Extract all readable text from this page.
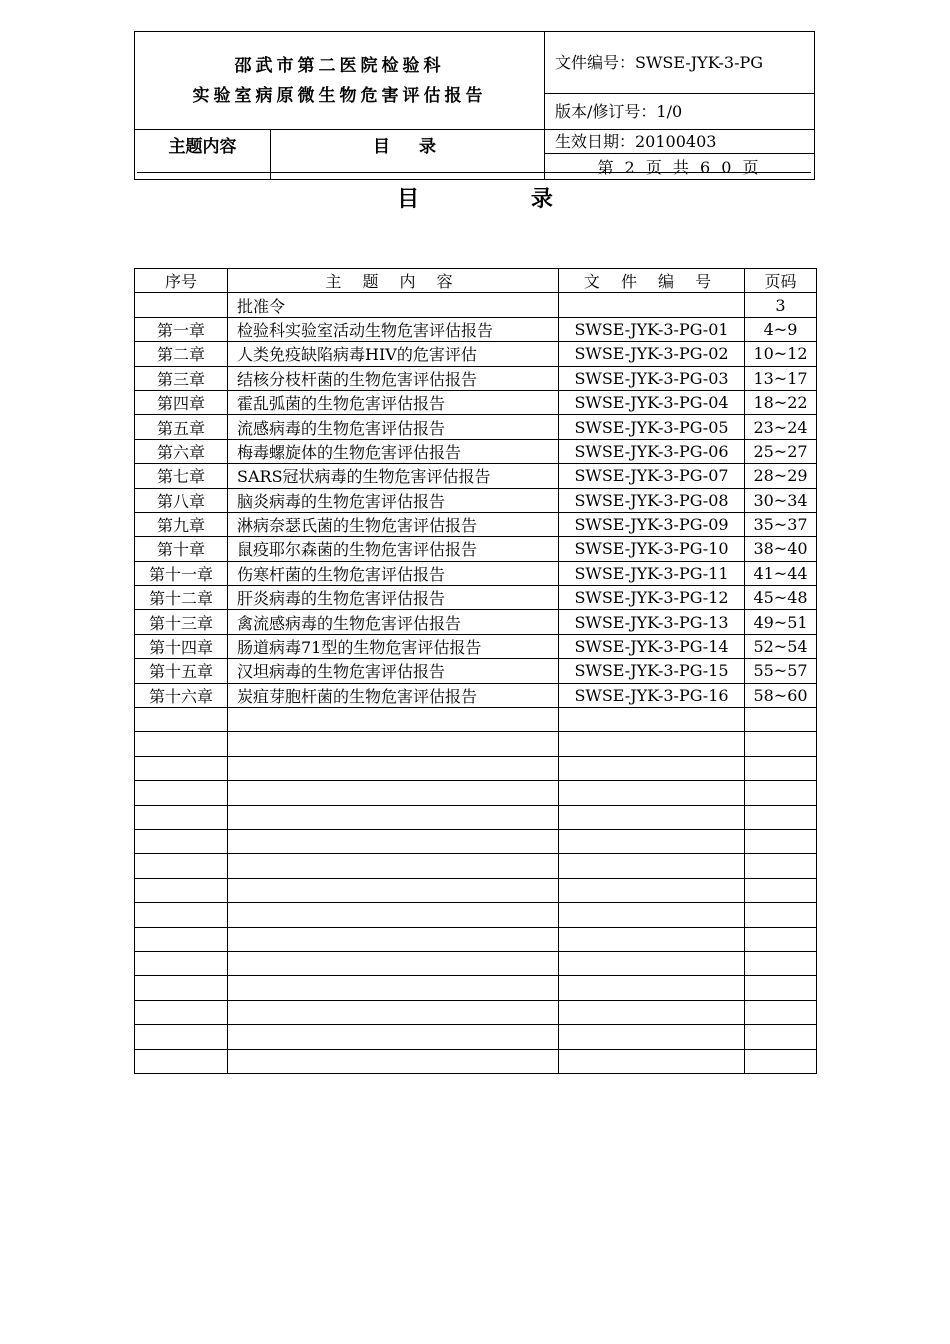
邵武市第二医院检验科
实验室病原微生物危害评估报告		文件编号：SWSE-JYK-3-PG
		版本/修订号：1/0
主题内容	目　录	生效日期：20100403
		第 2 页 共 6 0 页
目 录
序号	主 题 内 容	文 件 编 号	页码
	批准令		3
第一章	检验科实验室活动生物危害评估报告	SWSE-JYK-3-PG-01	4~9
第二章	人类免疫缺陷病毒HIV的危害评估	SWSE-JYK-3-PG-02	10~12
第三章	结核分枝杆菌的生物危害评估报告	SWSE-JYK-3-PG-03	13~17
第四章	霍乱弧菌的生物危害评估报告	SWSE-JYK-3-PG-04	18~22
第五章	流感病毒的生物危害评估报告	SWSE-JYK-3-PG-05	23~24
第六章	梅毒螺旋体的生物危害评估报告	SWSE-JYK-3-PG-06	25~27
第七章	SARS冠状病毒的生物危害评估报告	SWSE-JYK-3-PG-07	28~29
第八章	脑炎病毒的生物危害评估报告	SWSE-JYK-3-PG-08	30~34
第九章	淋病奈瑟氏菌的生物危害评估报告	SWSE-JYK-3-PG-09	35~37
第十章	鼠疫耶尔森菌的生物危害评估报告	SWSE-JYK-3-PG-10	38~40
第十一章	伤寒杆菌的生物危害评估报告	SWSE-JYK-3-PG-11	41~44
第十二章	肝炎病毒的生物危害评估报告	SWSE-JYK-3-PG-12	45~48
第十三章	禽流感病毒的生物危害评估报告	SWSE-JYK-3-PG-13	49~51
第十四章	肠道病毒71型的生物危害评估报告	SWSE-JYK-3-PG-14	52~54
第十五章	汉坦病毒的生物危害评估报告	SWSE-JYK-3-PG-15	55~57
第十六章	炭疽芽胞杆菌的生物危害评估报告	SWSE-JYK-3-PG-16	58~60
